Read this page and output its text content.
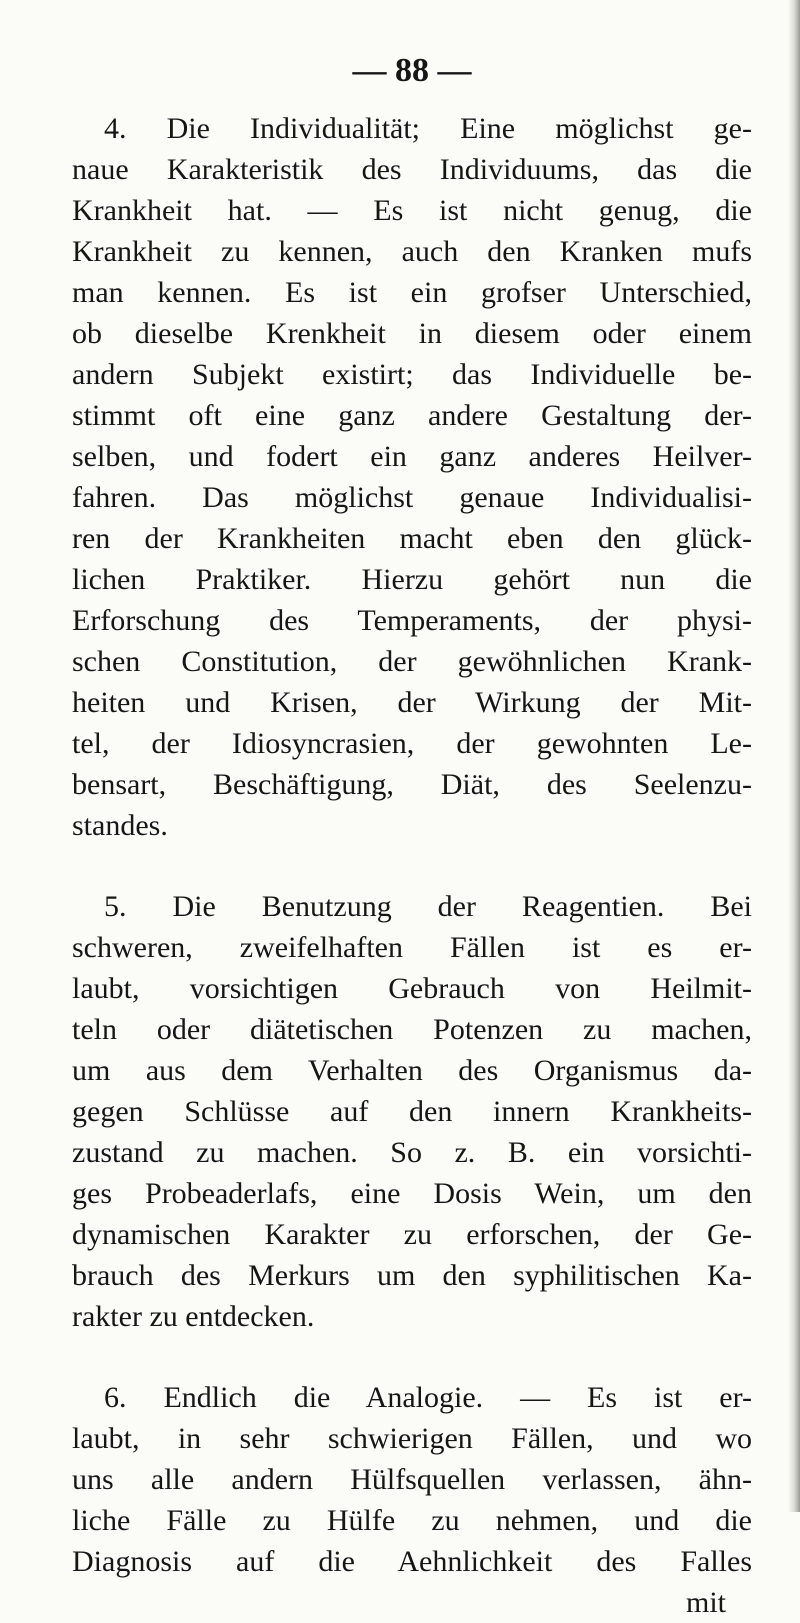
— 88 —
4. Die Individualität; Eine möglichst ge-
naue Karakteristik des Individuums, das die
Krankheit hat. — Es ist nicht genug, die
Krankheit zu kennen, auch den Kranken mufs
man kennen. Es ist ein grofser Unterschied,
ob dieselbe Krenkheit in diesem oder einem
andern Subjekt existirt; das Individuelle be-
stimmt oft eine ganz andere Gestaltung der-
selben, und fodert ein ganz anderes Heilver-
fahren. Das möglichst genaue Individualisi-
ren der Krankheiten macht eben den glück-
lichen Praktiker. Hierzu gehört nun die
Erforschung des Temperaments, der physi-
schen Constitution, der gewöhnlichen Krank-
heiten und Krisen, der Wirkung der Mit-
tel, der Idiosyncrasien, der gewohnten Le-
bensart, Beschäftigung, Diät, des Seelenzu-
standes.
5. Die Benutzung der Reagentien. Bei
schweren, zweifelhaften Fällen ist es er-
laubt, vorsichtigen Gebrauch von Heilmit-
teln oder diätetischen Potenzen zu machen,
um aus dem Verhalten des Organismus da-
gegen Schlüsse auf den innern Krankheits-
zustand zu machen. So z. B. ein vorsichti-
ges Probeaderlafs, eine Dosis Wein, um den
dynamischen Karakter zu erforschen, der Ge-
brauch des Merkurs um den syphilitischen Ka-
rakter zu entdecken.
6. Endlich die Analogie. — Es ist er-
laubt, in sehr schwierigen Fällen, und wo
uns alle andern Hülfsquellen verlassen, ähn-
liche Fälle zu Hülfe zu nehmen, und die
Diagnosis auf die Aehnlichkeit des Falles
mit
